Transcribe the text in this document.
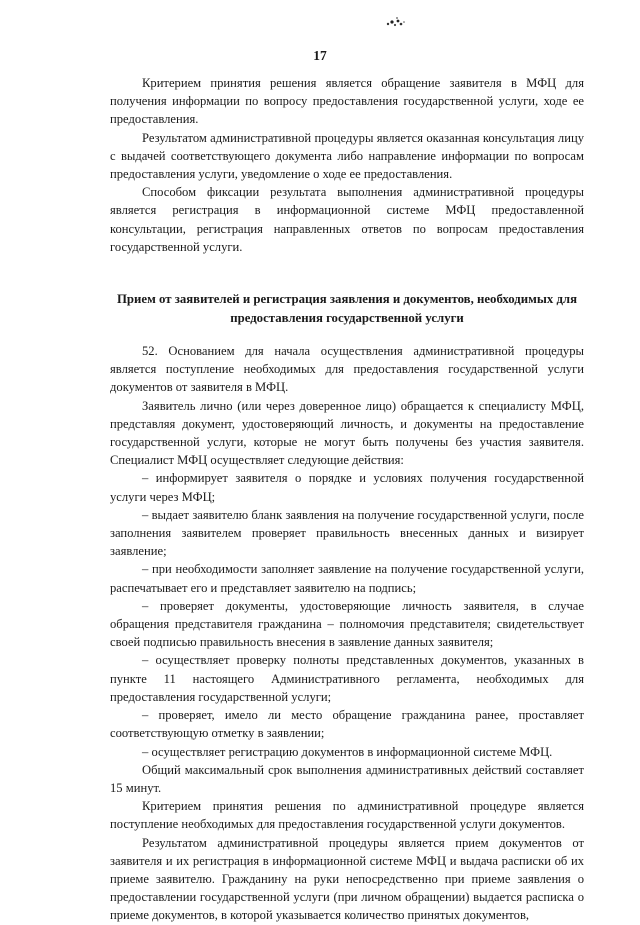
17

Критерием принятия решения является обращение заявителя в МФЦ для получения информации по вопросу предоставления государственной услуги, ходе ее предоставления.

Результатом административной процедуры является оказанная консультация лицу с выдачей соответствующего документа либо направление информации по вопросам предоставления услуги, уведомление о ходе ее предоставления.

Способом фиксации результата выполнения административной процедуры является регистрация в информационной системе МФЦ предоставленной консультации, регистрация направленных ответов по вопросам предоставления государственной услуги.

Прием от заявителей и регистрация заявления и документов, необходимых для предоставления государственной услуги

52. Основанием для начала осуществления административной процедуры является поступление необходимых для предоставления государственной услуги документов от заявителя в МФЦ.

Заявитель лично (или через доверенное лицо) обращается к специалисту МФЦ, представляя документ, удостоверяющий личность, и документы на предоставление государственной услуги, которые не могут быть получены без участия заявителя. Специалист МФЦ осуществляет следующие действия:

– информирует заявителя о порядке и условиях получения государственной услуги через МФЦ;

– выдает заявителю бланк заявления на получение государственной услуги, после заполнения заявителем проверяет правильность внесенных данных и визирует заявление;

– при необходимости заполняет заявление на получение государственной услуги, распечатывает его и представляет заявителю на подпись;

– проверяет документы, удостоверяющие личность заявителя, в случае обращения представителя гражданина – полномочия представителя; свидетельствует своей подписью правильность внесения в заявление данных заявителя;

– осуществляет проверку полноты представленных документов, указанных в пункте 11 настоящего Административного регламента, необходимых для предоставления государственной услуги;

– проверяет, имело ли место обращение гражданина ранее, проставляет соответствующую отметку в заявлении;

– осуществляет регистрацию документов в информационной системе МФЦ.

Общий максимальный срок выполнения административных действий составляет 15 минут.

Критерием принятия решения по административной процедуре является поступление необходимых для предоставления государственной услуги документов.

Результатом административной процедуры является прием документов от заявителя и их регистрация в информационной системе МФЦ и выдача расписки об их приеме заявителю. Гражданину на руки непосредственно при приеме заявления о предоставлении государственной услуги (при личном обращении) выдается расписка о приеме документов, в которой указывается количество принятых документов,
